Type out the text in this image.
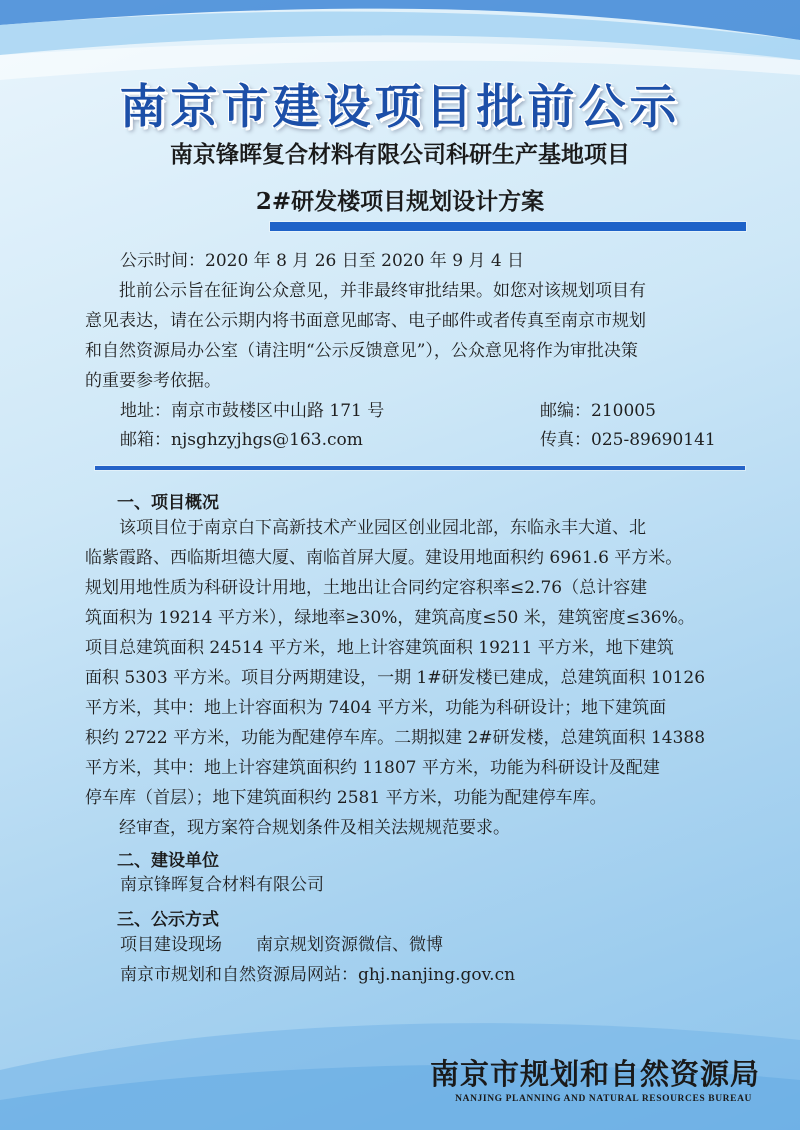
南京市建设项目批前公示
南京锋晖复合材料有限公司科研生产基地项目
2#研发楼项目规划设计方案
公示时间：2020 年 8 月 26 日至 2020 年 9 月 4 日
批前公示旨在征询公众意见，并非最终审批结果。如您对该规划项目有
意见表达，请在公示期内将书面意见邮寄、电子邮件或者传真至南京市规划
和自然资源局办公室（请注明“公示反馈意见”），公众意见将作为审批决策
的重要参考依据。
地址：南京市鼓楼区中山路 171 号	邮编：210005
邮箱：njsghzyjhgs@163.com	传真：025-89690141
一、项目概况
该项目位于南京白下高新技术产业园区创业园北部，东临永丰大道、北
临紫霞路、西临斯坦德大厦、南临首屏大厦。建设用地面积约 6961.6 平方米。
规划用地性质为科研设计用地，土地出让合同约定容积率≤2.76（总计容建
筑面积为 19214 平方米），绿地率≥30%，建筑高度≤50 米，建筑密度≤36%。
项目总建筑面积 24514 平方米，地上计容建筑面积 19211 平方米，地下建筑
面积 5303 平方米。项目分两期建设，一期 1#研发楼已建成，总建筑面积 10126
平方米，其中：地上计容面积为 7404 平方米，功能为科研设计；地下建筑面
积约 2722 平方米，功能为配建停车库。二期拟建 2#研发楼，总建筑面积 14388
平方米，其中：地上计容建筑面积约 11807 平方米，功能为科研设计及配建
停车库（首层）；地下建筑面积约 2581 平方米，功能为配建停车库。
经审查，现方案符合规划条件及相关法规规范要求。
二、建设单位
南京锋晖复合材料有限公司
三、公示方式
项目建设现场　　南京规划资源微信、微博
南京市规划和自然资源局网站：ghj.nanjing.gov.cn
南京市规划和自然资源局
NANJING PLANNING AND NATURAL RESOURCES BUREAU
